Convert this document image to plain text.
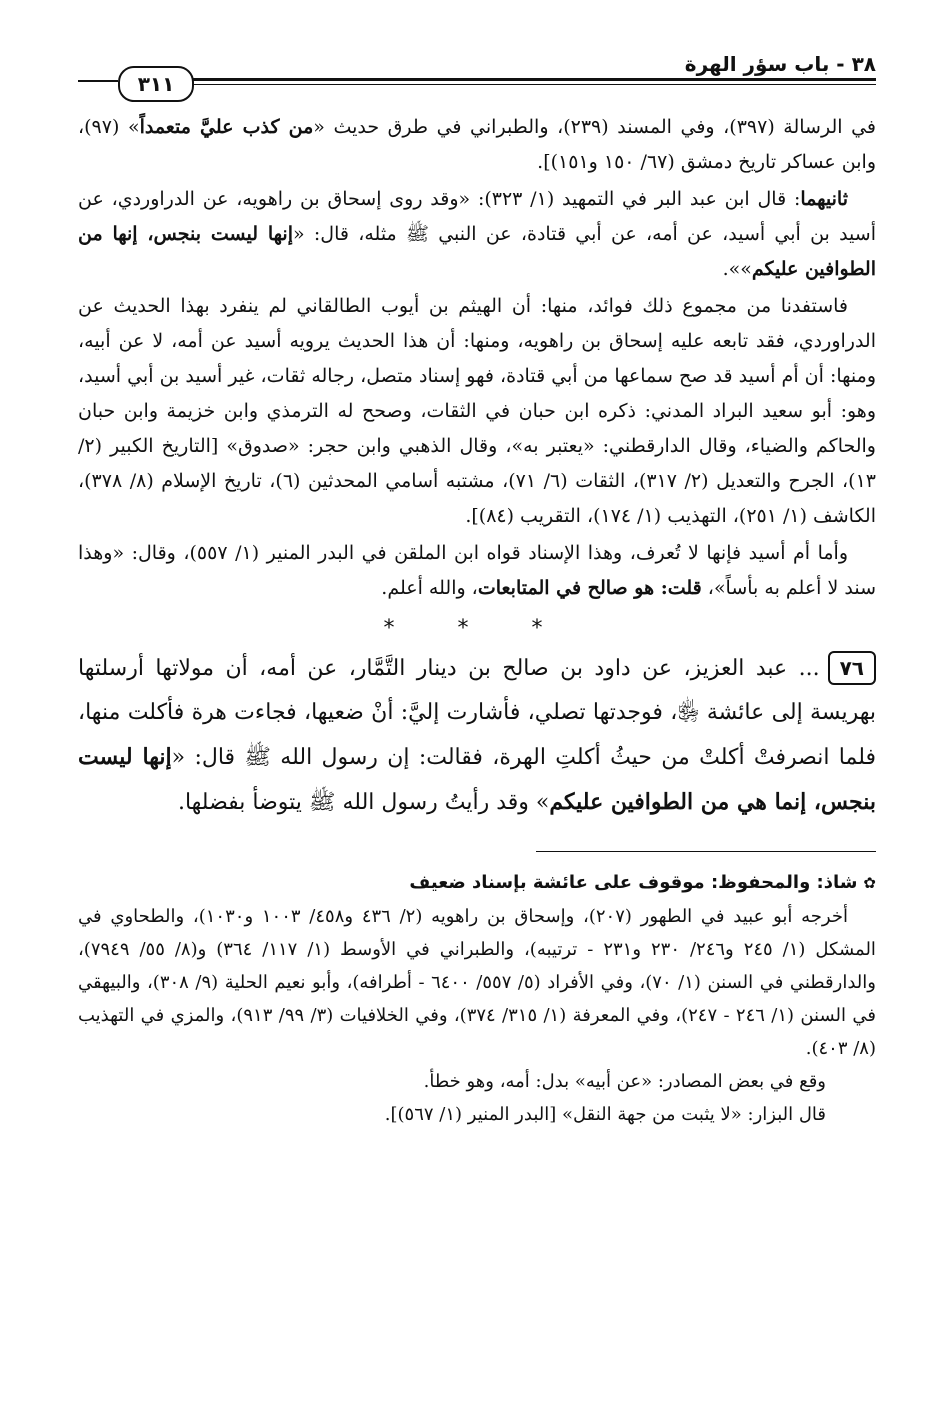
٣٨ - باب سؤر الهرة
٣١١

في الرسالة (٣٩٧)، وفي المسند (٢٣٩)، والطبراني في طرق حديث «من كذب عليَّ متعمداً» (٩٧)، وابن عساكر تاريخ دمشق (٦٧/ ١٥٠ و١٥١)].

ثانيهما: قال ابن عبد البر في التمهيد (١/ ٣٢٣): «وقد روى إسحاق بن راهويه، عن الدراوردي، عن أسيد بن أبي أسيد، عن أمه، عن أبي قتادة، عن النبي ﷺ مثله، قال: «إنها ليست بنجس، إنها من الطوافين عليكم»».

فاستفدنا من مجموع ذلك فوائد، منها: أن الهيثم بن أيوب الطالقاني لم ينفرد بهذا الحديث عن الدراوردي، فقد تابعه عليه إسحاق بن راهويه، ومنها: أن هذا الحديث يرويه أسيد عن أمه، لا عن أبيه، ومنها: أن أم أسيد قد صح سماعها من أبي قتادة، فهو إسناد متصل، رجاله ثقات، غير أسيد بن أبي أسيد، وهو: أبو سعيد البراد المدني: ذكره ابن حبان في الثقات، وصحح له الترمذي وابن خزيمة وابن حبان والحاكم والضياء، وقال الدارقطني: «يعتبر به»، وقال الذهبي وابن حجر: «صدوق» [التاريخ الكبير (٢/ ١٣)، الجرح والتعديل (٢/ ٣١٧)، الثقات (٦/ ٧١)، مشتبه أسامي المحدثين (٦)، تاريخ الإسلام (٨/ ٣٧٨)، الكاشف (١/ ٢٥١)، التهذيب (١/ ١٧٤)، التقريب (٨٤)].

وأما أم أسيد فإنها لا تُعرف، وهذا الإسناد قواه ابن الملقن في البدر المنير (١/ ٥٥٧)، وقال: «وهذا سند لا أعلم به بأساً»، قلت: هو صالح في المتابعات، والله أعلم.

* * *
٧٦... عبد العزيز، عن داود بن صالح بن دينار التَّمَّار، عن أمه، أن مولاتها أرسلتها بهريسة إلى عائشة ﵂، فوجدتها تصلي، فأشارت إليَّ: أنْ ضعيها، فجاءت هرة فأكلت منها، فلما انصرفتْ أكلتْ من حيثُ أكلتِ الهرة، فقالت: إن رسول الله ﷺ قال: «إنها ليست بنجس، إنما هي من الطوافين عليكم» وقد رأيتُ رسول الله ﷺ يتوضأ بفضلها.

✿شاذ: والمحفوظ: موقوف على عائشة بإسناد ضعيف

أخرجه أبو عبيد في الطهور (٢٠٧)، وإسحاق بن راهويه (٢/ ٤٣٦ و٤٥٨/ ١٠٠٣ و١٠٣٠)، والطحاوي في المشكل (١/ ٢٤٥ و٢٤٦/ ٢٣٠ و٢٣١ - ترتيبه)، والطبراني في الأوسط (١/ ١١٧/ ٣٦٤) و(٨/ ٥٥/ ٧٩٤٩)، والدارقطني في السنن (١/ ٧٠)، وفي الأفراد (٥/ ٥٥٧/ ٦٤٠٠ - أطرافه)، وأبو نعيم الحلية (٩/ ٣٠٨)، والبيهقي في السنن (١/ ٢٤٦ - ٢٤٧)، وفي المعرفة (١/ ٣١٥/ ٣٧٤)، وفي الخلافيات (٣/ ٩٩/ ٩١٣)، والمزي في التهذيب (٨/ ٤٠٣).

وقع في بعض المصادر: «عن أبيه» بدل: أمه، وهو خطأ.

قال البزار: «لا يثبت من جهة النقل» [البدر المنير (١/ ٥٦٧)].
